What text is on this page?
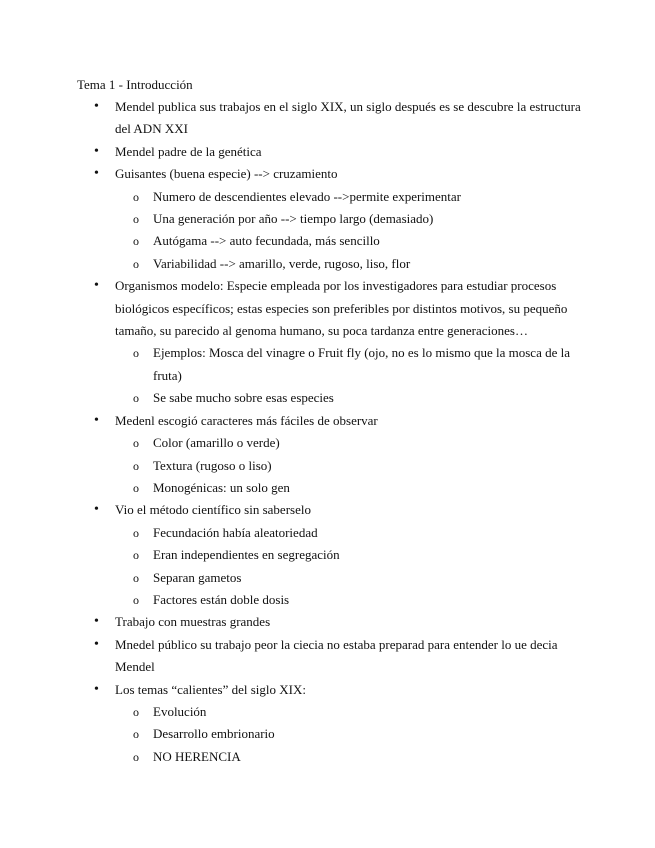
Tema 1 - Introducción
• Mendel publica sus trabajos en el siglo XIX, un siglo después es se descubre la estructura del ADN XXI
• Mendel padre de la genética
• Guisantes (buena especie) --> cruzamiento
o Numero de descendientes elevado -->permite experimentar
o Una generación por año --> tiempo largo (demasiado)
o Autógama --> auto fecundada, más sencillo
o Variabilidad --> amarillo, verde, rugoso, liso, flor
• Organismos modelo: Especie empleada por los investigadores para estudiar procesos biológicos específicos; estas especies son preferibles por distintos motivos, su pequeño tamaño, su parecido al genoma humano, su poca tardanza entre generaciones…
o Ejemplos: Mosca del vinagre o Fruit fly (ojo, no es lo mismo que la mosca de la fruta)
o Se sabe mucho sobre esas especies
• Medenl escogió caracteres más fáciles de observar
o Color (amarillo o verde)
o Textura (rugoso o liso)
o Monogénicas: un solo gen
• Vio el método científico sin saberselo
o Fecundación había aleatoriedad
o Eran independientes en segregación
o Separan gametos
o Factores están doble dosis
• Trabajo con muestras grandes
• Mnedel público su trabajo peor la ciecia no estaba preparad para entender lo ue decia Mendel
• Los temas “calientes” del siglo XIX:
o Evolución
o Desarrollo embrionario
o NO HERENCIA
